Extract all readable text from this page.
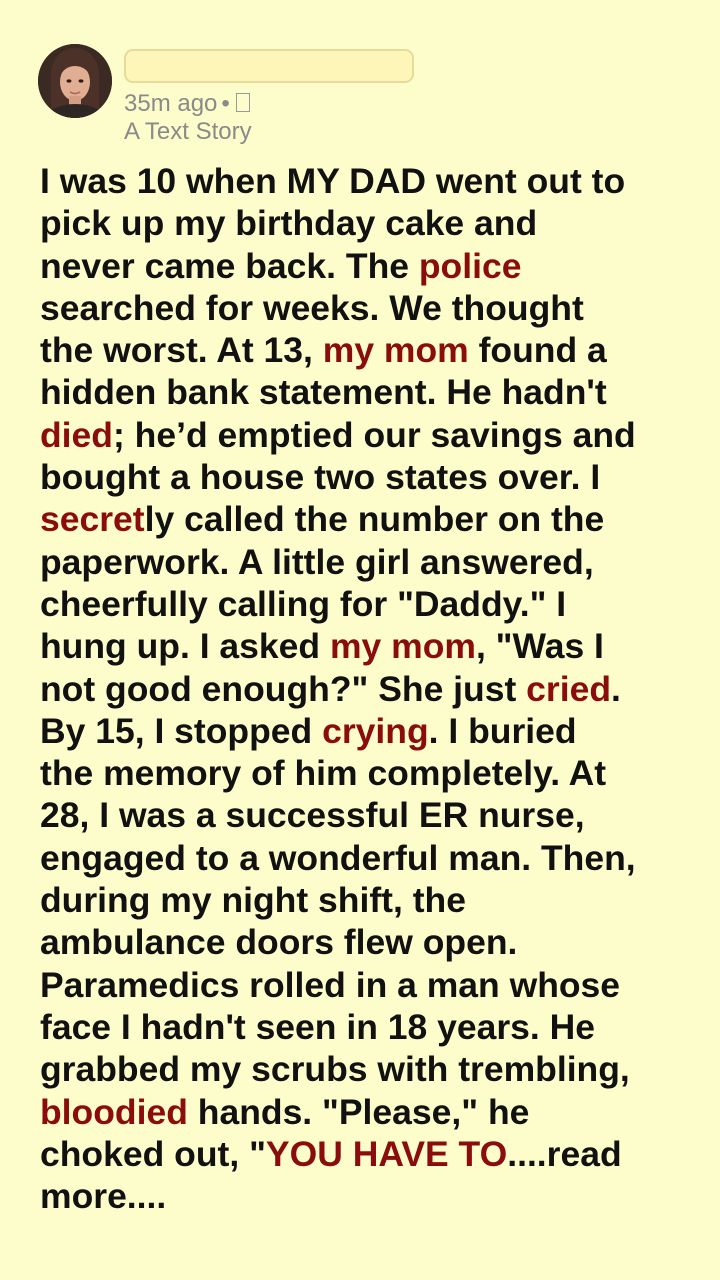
35m ago •
A Text Story
I was 10 when MY DAD went out to
pick up my birthday cake and
never came back. The police
searched for weeks. We thought
the worst. At 13, my mom found a
hidden bank statement. He hadn't
died; he’d emptied our savings and
bought a house two states over. I
secretly called the number on the
paperwork. A little girl answered,
cheerfully calling for "Daddy." I
hung up. I asked my mom, "Was I
not good enough?" She just cried.
By 15, I stopped crying. I buried
the memory of him completely. At
28, I was a successful ER nurse,
engaged to a wonderful man. Then,
during my night shift, the
ambulance doors flew open.
Paramedics rolled in a man whose
face I hadn't seen in 18 years. He
grabbed my scrubs with trembling,
bloodied hands. "Please," he
choked out, "YOU HAVE TO....read
more....
